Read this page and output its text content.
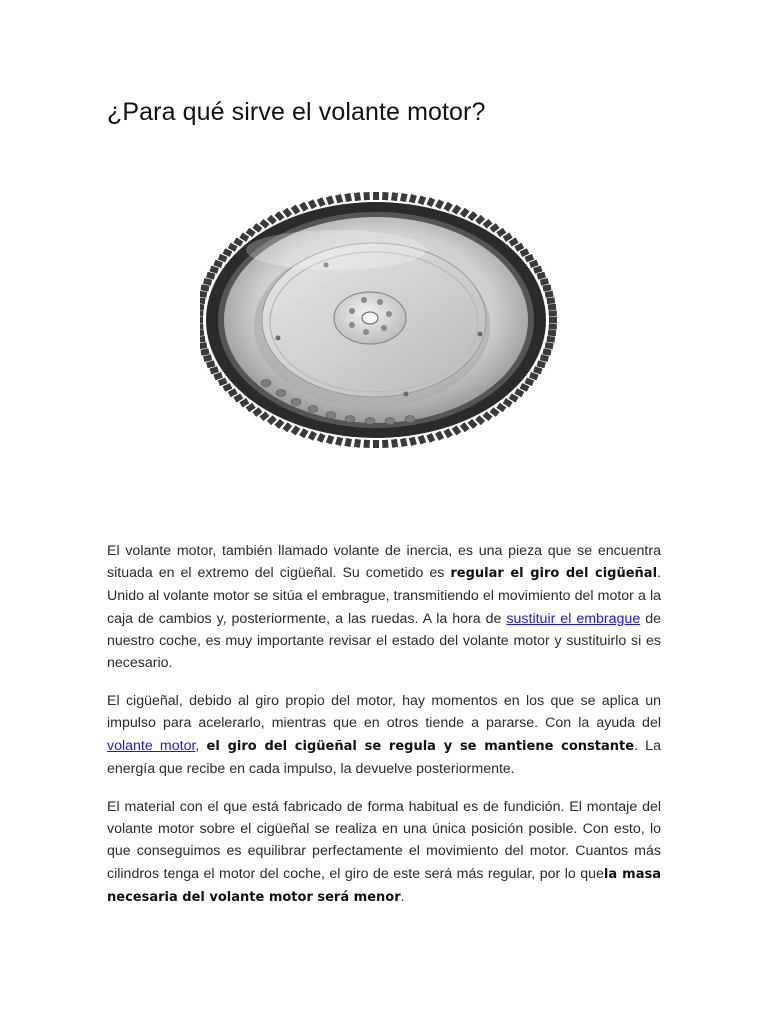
¿Para qué sirve el volante motor?

El volante motor, también llamado volante de inercia, es una pieza que se encuentra situada en el extremo del cigüeñal. Su cometido es regular el giro del cigüeñal. Unido al volante motor se sitúa el embrague, transmitiendo el movimiento del motor a la caja de cambios y, posteriormente, a las ruedas. A la hora de sustituir el embrague de nuestro coche, es muy importante revisar el estado del volante motor y sustituirlo si es necesario.

El cigüeñal, debido al giro propio del motor, hay momentos en los que se aplica un impulso para acelerarlo, mientras que en otros tiende a pararse. Con la ayuda del volante motor, el giro del cigüeñal se regula y se mantiene constante. La energía que recibe en cada impulso, la devuelve posteriormente.

El material con el que está fabricado de forma habitual es de fundición. El montaje del volante motor sobre el cigüeñal se realiza en una única posición posible. Con esto, lo que conseguimos es equilibrar perfectamente el movimiento del motor. Cuantos más cilindros tenga el motor del coche, el giro de este será más regular, por lo quela masa necesaria del volante motor será menor.
